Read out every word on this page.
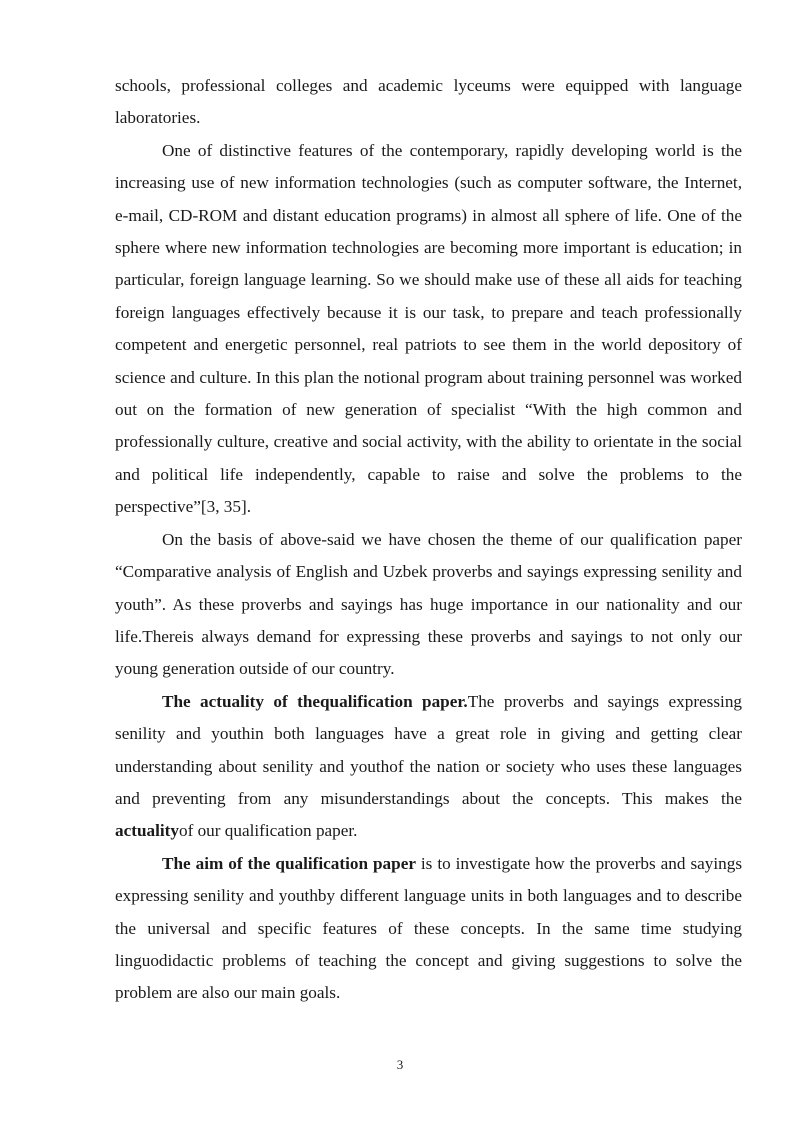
schools, professional colleges and academic lyceums were equipped with language laboratories.

One of distinctive features of the contemporary, rapidly developing world is the increasing use of new information technologies (such as computer software, the Internet, e-mail, CD-ROM and distant education programs) in almost all sphere of life. One of the sphere where new information technologies are becoming more important is education; in particular, foreign language learning. So we should make use of these all aids for teaching foreign languages effectively because it is our task, to prepare and teach professionally competent and energetic personnel, real patriots to see them in the world depository of science and culture. In this plan the notional program about training personnel was worked out on the formation of new generation of specialist “With the high common and professionally culture, creative and social activity, with the ability to orientate in the social and political life independently, capable to raise and solve the problems to the perspective”[3, 35].

On the basis of above-said we have chosen the theme of our qualification paper “Comparative analysis of English and Uzbek proverbs and sayings expressing senility and youth”. As these proverbs and sayings has huge importance in our nationality and our life.Thereis always demand for expressing these proverbs and sayings to not only our young generation outside of our country.

The actuality of thequalification paper.The proverbs and sayings expressing senility and youthin both languages have a great role in giving and getting clear understanding about senility and youthof the nation or society who uses these languages and preventing from any misunderstandings about the concepts. This makes the actualityof our qualification paper.

The aim of the qualification paper is to investigate how the proverbs and sayings expressing senility and youthby different language units in both languages and to describe the universal and specific features of these concepts. In the same time studying linguodidactic problems of teaching the concept and giving suggestions to solve the problem are also our main goals.

3
